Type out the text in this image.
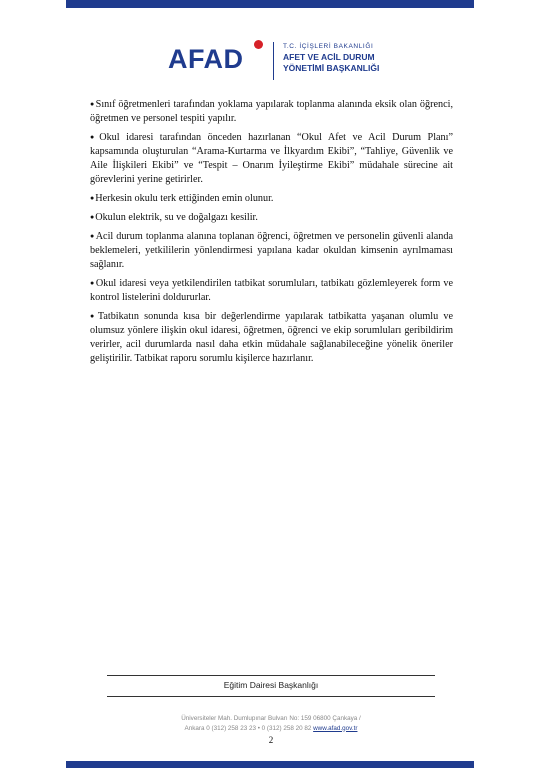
AFAD	T.C. İÇİŞLERİ BAKANLIĞI
AFET VE ACİL DURUM
YÖNETİMİ BAŞKANLIĞI

●Sınıf öğretmenleri tarafından yoklama yapılarak toplanma alanında eksik olan öğrenci, öğretmen ve personel tespiti yapılır.

●Okul idaresi tarafından önceden hazırlanan “Okul Afet ve Acil Durum Planı” kapsamında oluşturulan “Arama-Kurtarma ve İlkyardım Ekibi”, “Tahliye, Güvenlik ve Aile İlişkileri Ekibi” ve “Tespit – Onarım İyileştirme Ekibi” müdahale sürecine ait görevlerini yerine getirirler.

●Herkesin okulu terk ettiğinden emin olunur.

●Okulun elektrik, su ve doğalgazı kesilir.

●Acil durum toplanma alanına toplanan öğrenci, öğretmen ve personelin güvenli alanda beklemeleri, yetkililerin yönlendirmesi yapılana kadar okuldan kimsenin ayrılmaması sağlanır.

●Okul idaresi veya yetkilendirilen tatbikat sorumluları, tatbikatı gözlemleyerek form ve kontrol listelerini doldururlar.

●Tatbikatın sonunda kısa bir değerlendirme yapılarak tatbikatta yaşanan olumlu ve olumsuz yönlere ilişkin okul idaresi, öğretmen, öğrenci ve ekip sorumluları geribildirim verirler, acil durumlarda nasıl daha etkin müdahale sağlanabileceğine yönelik öneriler geliştirilir. Tatbikat raporu sorumlu kişilerce hazırlanır.

Eğitim Dairesi Başkanlığı
Üniversiteler Mah. Dumlupınar Bulvarı No: 159 06800 Çankaya /
Ankara 0 (312) 258 23 23 • 0 (312) 258 20 82 www.afad.gov.tr
2
